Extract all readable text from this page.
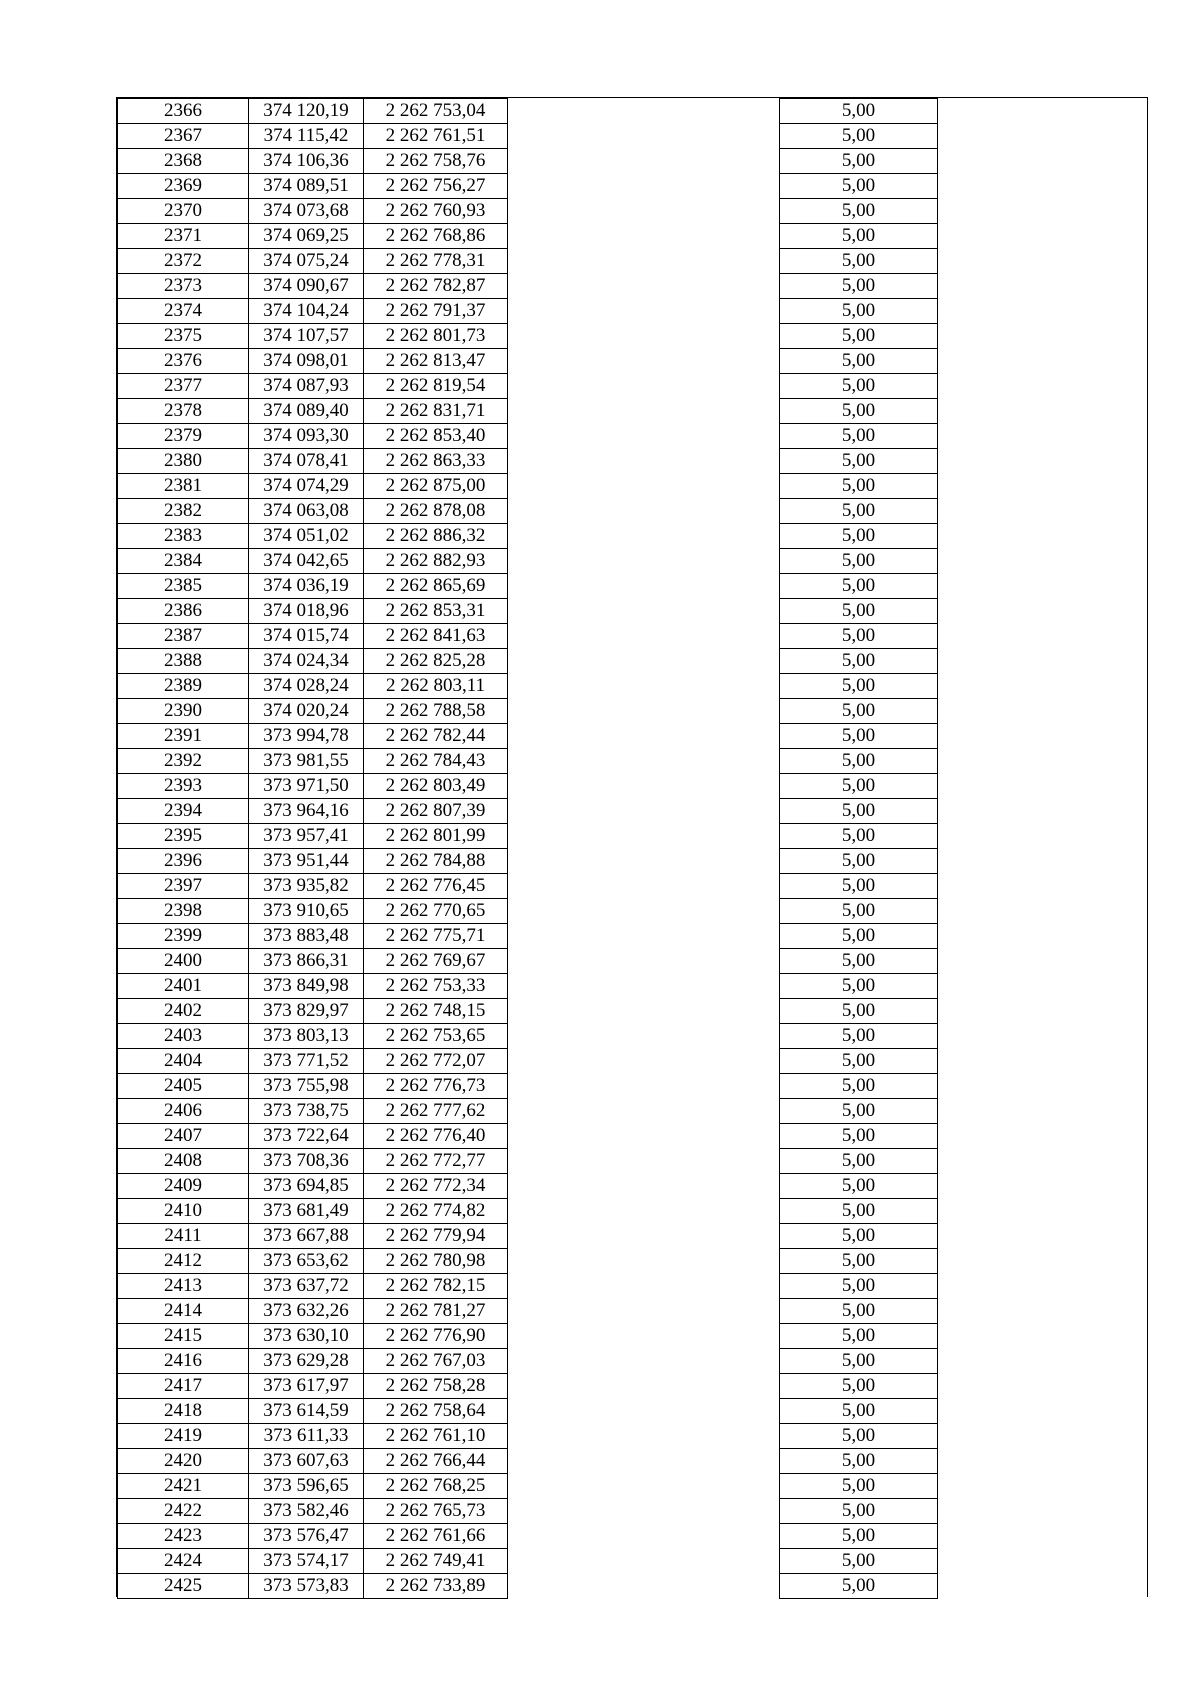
2366	374 120,19	2 262 753,04		5,00
2367	374 115,42	2 262 761,51		5,00
2368	374 106,36	2 262 758,76		5,00
2369	374 089,51	2 262 756,27		5,00
2370	374 073,68	2 262 760,93		5,00
2371	374 069,25	2 262 768,86		5,00
2372	374 075,24	2 262 778,31		5,00
2373	374 090,67	2 262 782,87		5,00
2374	374 104,24	2 262 791,37		5,00
2375	374 107,57	2 262 801,73		5,00
2376	374 098,01	2 262 813,47		5,00
2377	374 087,93	2 262 819,54		5,00
2378	374 089,40	2 262 831,71		5,00
2379	374 093,30	2 262 853,40		5,00
2380	374 078,41	2 262 863,33		5,00
2381	374 074,29	2 262 875,00		5,00
2382	374 063,08	2 262 878,08		5,00
2383	374 051,02	2 262 886,32		5,00
2384	374 042,65	2 262 882,93		5,00
2385	374 036,19	2 262 865,69		5,00
2386	374 018,96	2 262 853,31		5,00
2387	374 015,74	2 262 841,63		5,00
2388	374 024,34	2 262 825,28		5,00
2389	374 028,24	2 262 803,11		5,00
2390	374 020,24	2 262 788,58		5,00
2391	373 994,78	2 262 782,44		5,00
2392	373 981,55	2 262 784,43		5,00
2393	373 971,50	2 262 803,49		5,00
2394	373 964,16	2 262 807,39		5,00
2395	373 957,41	2 262 801,99		5,00
2396	373 951,44	2 262 784,88		5,00
2397	373 935,82	2 262 776,45		5,00
2398	373 910,65	2 262 770,65		5,00
2399	373 883,48	2 262 775,71		5,00
2400	373 866,31	2 262 769,67		5,00
2401	373 849,98	2 262 753,33		5,00
2402	373 829,97	2 262 748,15		5,00
2403	373 803,13	2 262 753,65		5,00
2404	373 771,52	2 262 772,07		5,00
2405	373 755,98	2 262 776,73		5,00
2406	373 738,75	2 262 777,62		5,00
2407	373 722,64	2 262 776,40		5,00
2408	373 708,36	2 262 772,77		5,00
2409	373 694,85	2 262 772,34		5,00
2410	373 681,49	2 262 774,82		5,00
2411	373 667,88	2 262 779,94		5,00
2412	373 653,62	2 262 780,98		5,00
2413	373 637,72	2 262 782,15		5,00
2414	373 632,26	2 262 781,27		5,00
2415	373 630,10	2 262 776,90		5,00
2416	373 629,28	2 262 767,03		5,00
2417	373 617,97	2 262 758,28		5,00
2418	373 614,59	2 262 758,64		5,00
2419	373 611,33	2 262 761,10		5,00
2420	373 607,63	2 262 766,44		5,00
2421	373 596,65	2 262 768,25		5,00
2422	373 582,46	2 262 765,73		5,00
2423	373 576,47	2 262 761,66		5,00
2424	373 574,17	2 262 749,41		5,00
2425	373 573,83	2 262 733,89		5,00
